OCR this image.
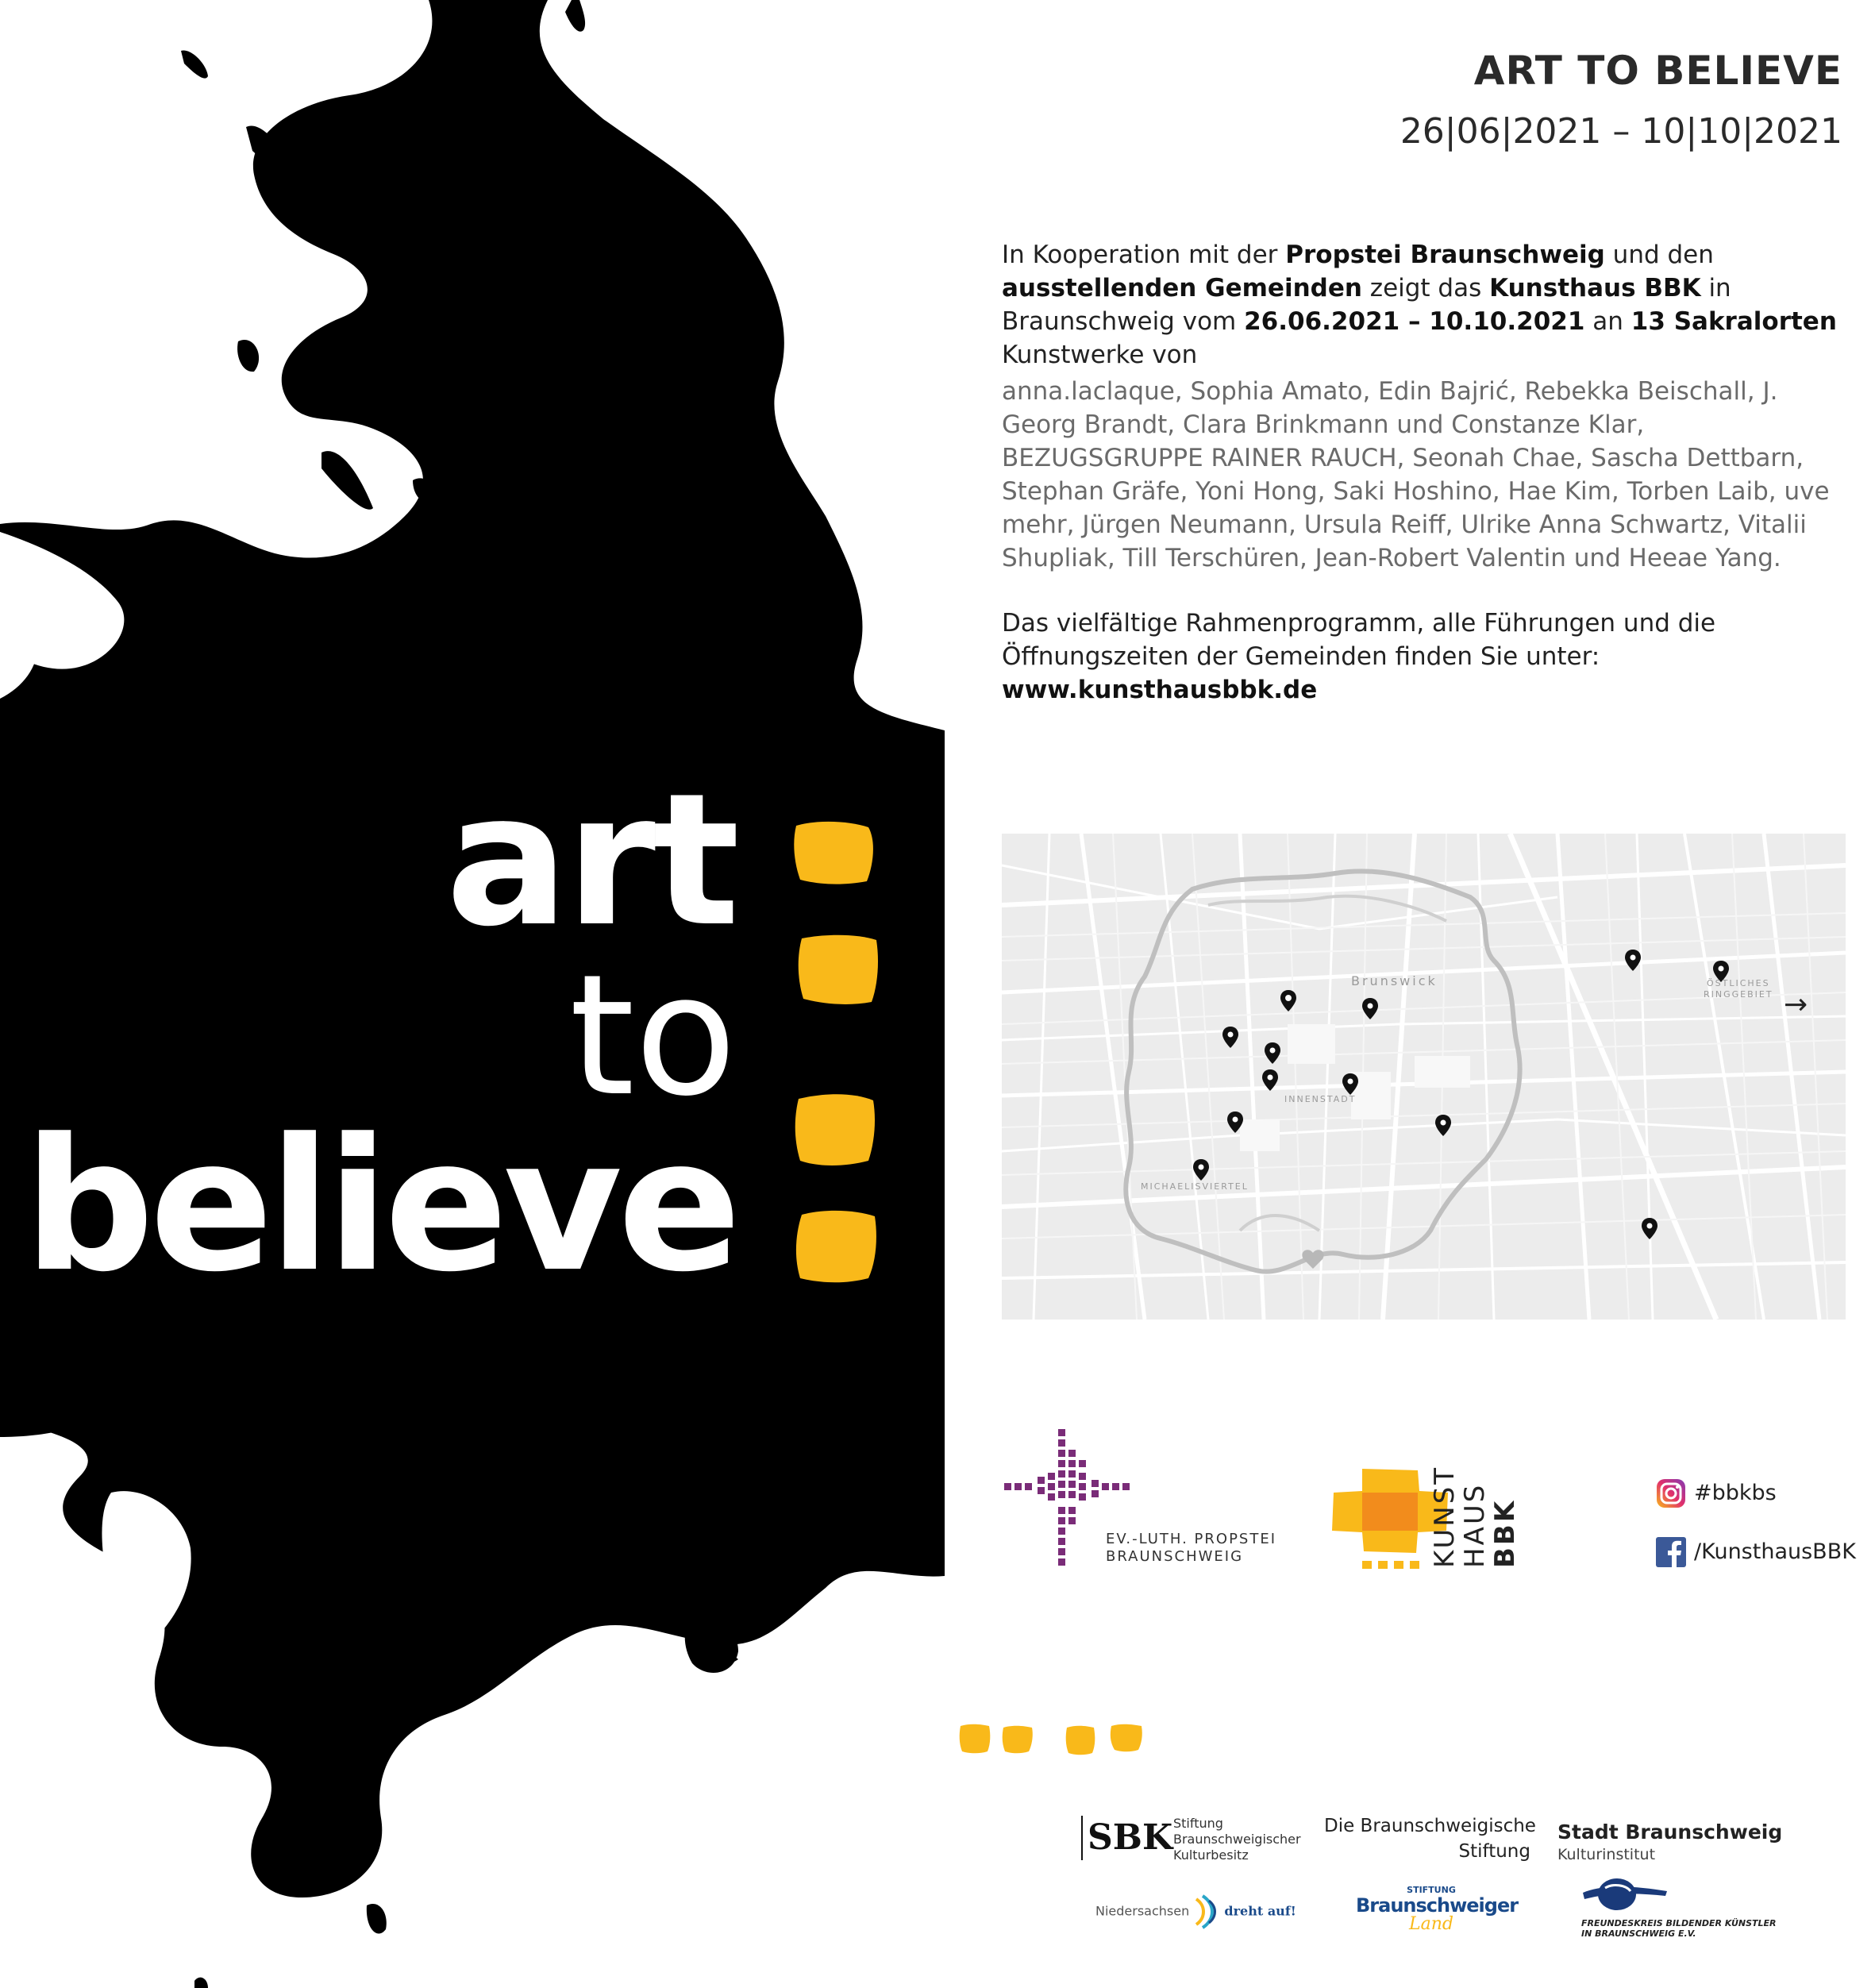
art
to
believe
ART TO BELIEVE
26|06|2021 – 10|10|2021
In Kooperation mit der Propstei Braunschweig und den ausstellenden Gemeinden zeigt das Kunsthaus BBK in Braunschweig vom 26.06.2021 – 10.10.2021 an 13 Sakralorten Kunstwerke von
anna.laclaque, Sophia Amato, Edin Bajrić, Rebekka Beischall, J. Georg Brandt, Clara Brinkmann und Constanze Klar, BEZUGSGRUPPE RAINER RAUCH, Seonah Chae, Sascha Dettbarn, Stephan Gräfe, Yoni Hong, Saki Hoshino, Hae Kim, Torben Laib, uve mehr, Jürgen Neumann, Ursula Reiff, Ulrike Anna Schwartz, Vitalii Shupliak, Till Terschüren, Jean-Robert Valentin und Heeae Yang.
Das vielfältige Rahmenprogramm, alle Führungen und die Öffnungszeiten der Gemeinden finden Sie unter:
www.kunsthausbbk.de
Brunswick
INNENSTADT
MICHAELISVIERTEL
ÖSTLICHES
RINGGEBIET →
EV.-LUTH. PROPSTEI
BRAUNSCHWEIG	KUNST
HAUS
BBK
#bbkbs
/KunsthausBBK
SBK Stiftung
Braunschweigischer
Kulturbesitz
Die Braunschweigische
Stiftung
Stadt Braunschweig
Kulturinstitut
Niedersachsen	dreht auf!
STIFTUNG
Braunschweiger
Land	FREUNDESKREIS BILDENDER KÜNSTLER
IN BRAUNSCHWEIG E.V.
